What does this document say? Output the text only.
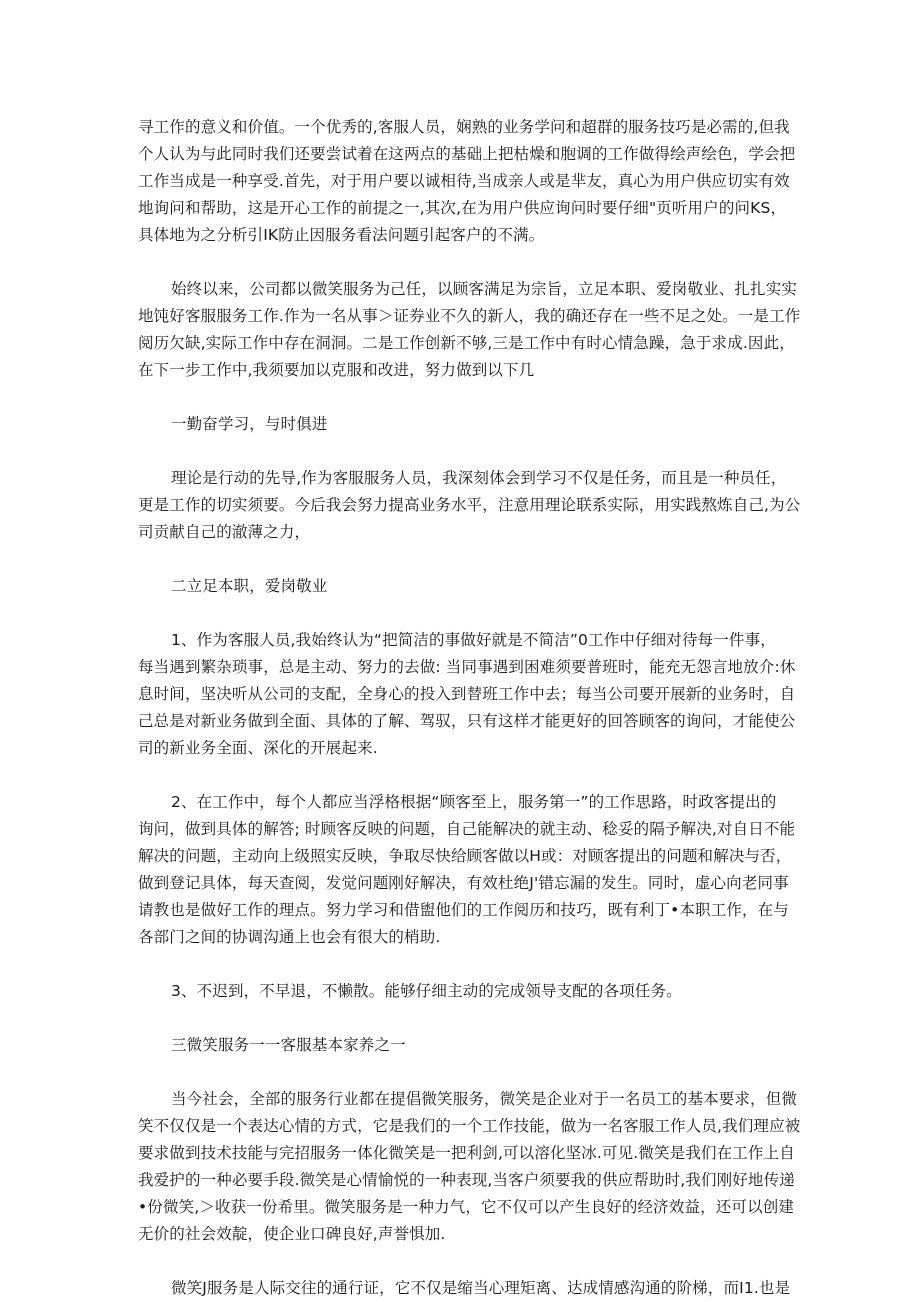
寻工作的意义和价值。一个优秀的,客服人员，娴熟的业务学问和超群的服务技巧是必需的,但我
个人认为与此同时我们还要尝试着在这两点的基础上把枯燥和胞调的工作做得绘声绘色，学会把
工作当成是一种享受.首先，对于用户要以诚相待,当成亲人或是芈友，真心为用户供应切实有效
地询问和帮助，这是开心工作的前提之一,其次,在为用户供应询问时要仔细"页听用户的问KS，
具体地为之分析引IK防止因服务看法问题引起客户的不满。
始终以来，公司都以微笑服务为己任，以顾客满足为宗旨，立足本职、爱岗敬业、扎扎实实
地饨好客服服务工作.作为一名从事＞证券业不久的新人，我的确还存在一些不足之处。一是工作
阅历欠缺,实际工作中存在洞洞。二是工作创新不够,三是工作中有时心情急躁，急于求成.因此，
在下一步工作中,我须要加以克服和改进，努力做到以下几
一勤奋学习，与时俱进
理论是行动的先导,作为客服服务人员，我深刻体会到学习不仅是任务，而且是一种员任，
更是工作的切实须要。今后我会努力提高业务水平，注意用理论联系实际，用实践熬炼自己,为公
司贡献自己的澈薄之力，
二立足本职，爱岗敬业
1、作为客服人员,我始终认为“把简洁的事做好就是不简洁”0工作中仔细对待每一件事，
每当遇到繁杂琐事，总是主动、努力的去做: 当同事遇到困难须要普班时，能充无怨言地放介:休
息时间，坚决听从公司的支配，全身心的投入到替班工作中去；每当公司要开展新的业务时，自
己总是对新业务做到全面、具体的了解、驾驭，只有这样才能更好的回答顾客的询问，才能使公
司的新业务全面、深化的开展起来.
2、在工作中，每个人都应当浮格根据“顾客至上，服务第一”的工作思路，时政客提出的
询问，做到具体的解答; 时顾客反映的问题，自己能解决的就主动、稔妥的隔予解决,对自日不能
解决的问题，主动向上级照实反映，争取尽快给顾客做以H或：对顾客提出的问题和解决与否，
做到登记具体，每天查阅，发觉问题刚好解决，有效杜绝J'错忘漏的发生。同时，虚心向老同事
请教也是做好工作的理点。努力学习和借盥他们的工作阅历和技巧，既有利丁•本职工作，在与
各部门之间的协调沟通上也会有很大的梢助.
3、不迟到，不早退，不懒散。能够仔细主动的完成领导支配的各项任务。
三微笑服务一一客服基本家养之一
当今社会，全部的服务行业都在提倡微笑服务，微笑是企业对于一名员工的基本要求，但微
笑不仅仅是一个表达心情的方式，它是我们的一个工作技能，做为一名客服工作人员,我们理应被
要求做到技术技能与完招服务一体化微笑是一把利剑,可以溶化坚冰.可见.微笑是我们在工作上自
我爱护的一种必要手段.微笑是心情愉悦的一种表现,当客户须要我的供应帮助时,我们刚好地传递
•份微笑,＞收获一份希里。微笑服务是一种力气，它不仅可以产生良好的经济效益，还可以创建
无价的社会效靛，使企业口碑良好,声誉惧加.
微笑J服务是人际交往的通行证，它不仅是缩当心理矩离、达成情感沟通的阶梯，而I1.也是
